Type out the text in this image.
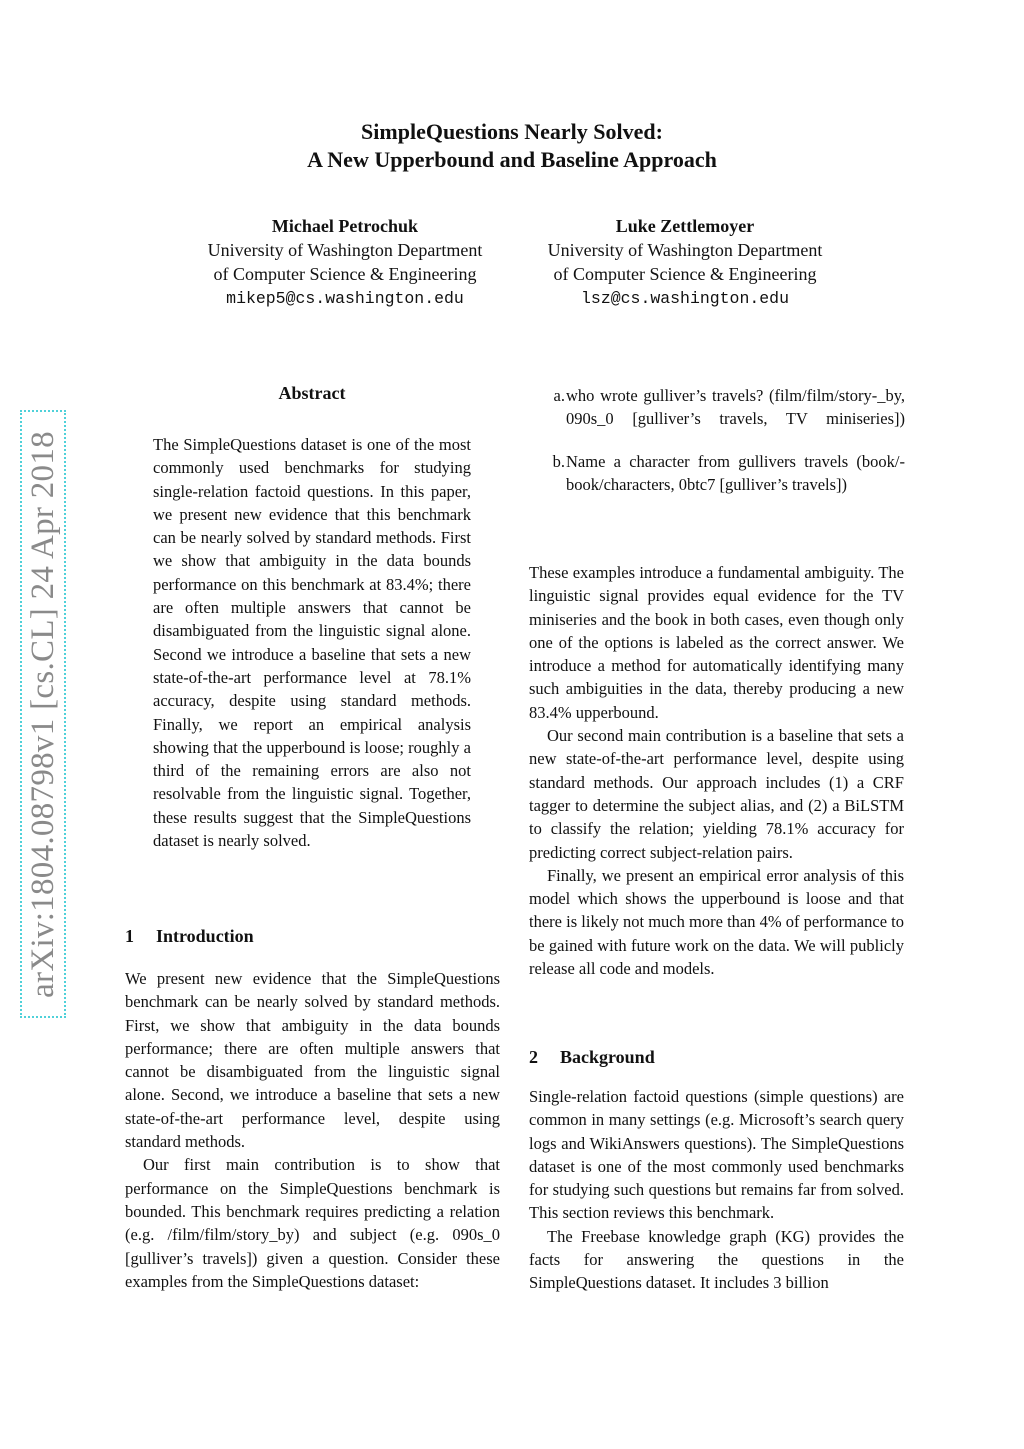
arXiv:1804.08798v1 [cs.CL] 24 Apr 2018
SimpleQuestions Nearly Solved:
A New Upperbound and Baseline Approach
Michael Petrochuk
University of Washington Department
of Computer Science & Engineering
mikep5@cs.washington.edu
Luke Zettlemoyer
University of Washington Department
of Computer Science & Engineering
lsz@cs.washington.edu
Abstract
The SimpleQuestions dataset is one of the most commonly used benchmarks for studying single-relation factoid questions. In this paper, we present new evidence that this benchmark can be nearly solved by standard methods. First we show that ambiguity in the data bounds performance on this benchmark at 83.4%; there are often multiple answers that cannot be disambiguated from the linguistic signal alone. Second we introduce a baseline that sets a new state-of-the-art performance level at 78.1% accuracy, despite using standard methods. Finally, we report an empirical analysis showing that the upperbound is loose; roughly a third of the remaining errors are also not resolvable from the linguistic signal. Together, these results suggest that the SimpleQuestions dataset is nearly solved.
1 Introduction

We present new evidence that the SimpleQuestions benchmark can be nearly solved by standard methods. First, we show that ambiguity in the data bounds performance; there are often multiple answers that cannot be disambiguated from the linguistic signal alone. Second, we introduce a baseline that sets a new state-of-the-art performance level, despite using standard methods.

Our first main contribution is to show that performance on the SimpleQuestions benchmark is bounded. This benchmark requires predicting a relation (e.g. /film/film/story_by) and subject (e.g. 090s_0 [gulliver’s travels]) given a question. Consider these examples from the SimpleQuestions dataset:

a. who wrote gulliver’s travels? (film/film/story-_by, 090s_0 [gulliver’s travels, TV miniseries])
b. Name a character from gullivers travels (book/-
book/characters, 0btc7 [gulliver’s travels])

These examples introduce a fundamental ambiguity. The linguistic signal provides equal evidence for the TV miniseries and the book in both cases, even though only one of the options is labeled as the correct answer. We introduce a method for automatically identifying many such ambiguities in the data, thereby producing a new 83.4% upperbound.

Our second main contribution is a baseline that sets a new state-of-the-art performance level, despite using standard methods. Our approach includes (1) a CRF tagger to determine the subject alias, and (2) a BiLSTM to classify the relation; yielding 78.1% accuracy for predicting correct subject-relation pairs.

Finally, we present an empirical error analysis of this model which shows the upperbound is loose and that there is likely not much more than 4% of performance to be gained with future work on the data. We will publicly release all code and models.

2 Background

Single-relation factoid questions (simple questions) are common in many settings (e.g. Microsoft’s search query logs and WikiAnswers questions). The SimpleQuestions dataset is one of the most commonly used benchmarks for studying such questions but remains far from solved. This section reviews this benchmark.

The Freebase knowledge graph (KG) provides the facts for answering the questions in the SimpleQuestions dataset. It includes 3 billion
